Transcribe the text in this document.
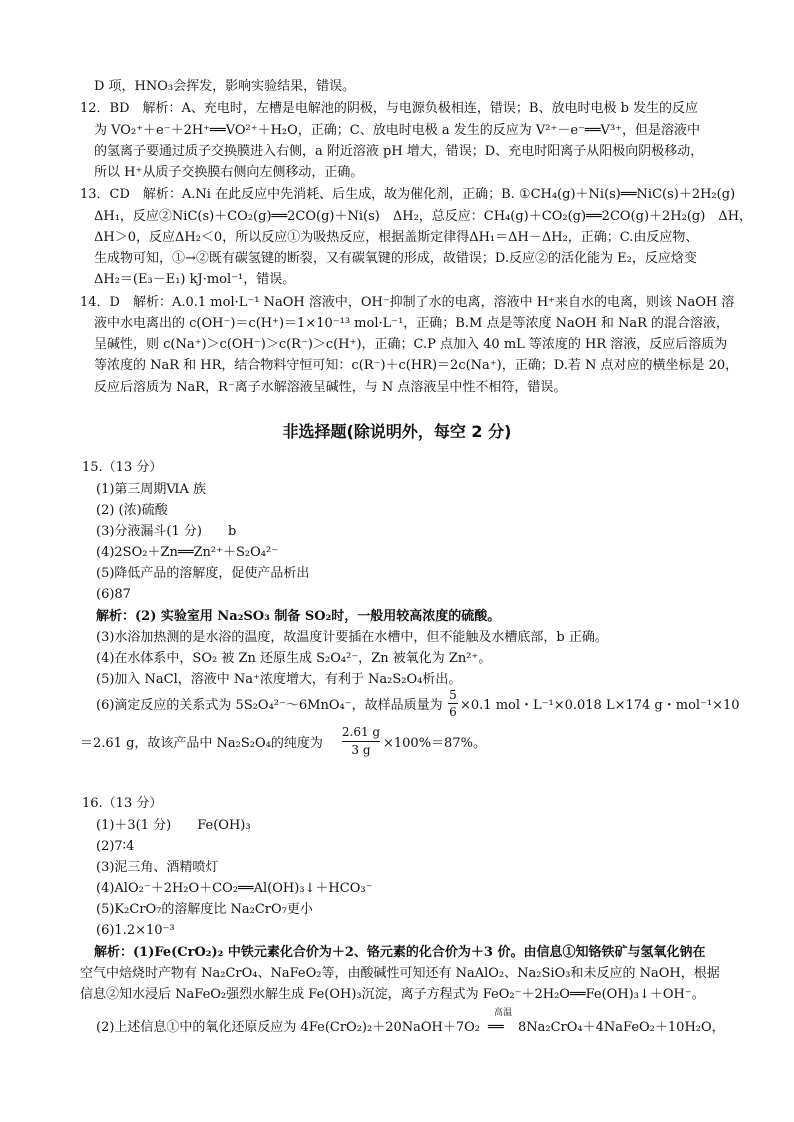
D 项，HNO₃会挥发，影响实验结果，错误。
12．BD　解析：A、充电时，左槽是电解池的阴极，与电源负极相连，错误；B、放电时电极 b 发生的反应
为 VO₂⁺＋e⁻＋2H⁺══VO²⁺＋H₂O，正确；C、放电时电极 a 发生的反应为 V²⁺－e⁻══V³⁺，但是溶液中
的氢离子要通过质子交换膜进入右侧，a 附近溶液 pH 增大，错误；D、充电时阳离子从阳极向阴极移动，
所以 H⁺从质子交换膜右侧向左侧移动，正确。
13．CD　解析：A.Ni 在此反应中先消耗、后生成，故为催化剂，正确；B. ①CH₄(g)＋Ni(s)══NiC(s)＋2H₂(g)
ΔH₁，反应②NiC(s)＋CO₂(g)══2CO(g)＋Ni(s)　ΔH₂，总反应：CH₄(g)＋CO₂(g)══2CO(g)＋2H₂(g)　ΔH，
ΔH＞0，反应ΔH₂＜0，所以反应①为吸热反应，根据盖斯定律得ΔH₁＝ΔH－ΔH₂，正确；C.由反应物、
生成物可知，①→②既有碳氢键的断裂，又有碳氧键的形成，故错误；D.反应②的活化能为 E₂，反应焓变
ΔH₂＝(E₃－E₁) kJ·mol⁻¹，错误。
14．D　解析：A.0.1 mol·L⁻¹ NaOH 溶液中，OH⁻抑制了水的电离，溶液中 H⁺来自水的电离，则该 NaOH 溶
液中水电离出的 c(OH⁻)＝c(H⁺)＝1×10⁻¹³ mol·L⁻¹，正确；B.M 点是等浓度 NaOH 和 NaR 的混合溶液，
呈碱性，则 c(Na⁺)＞c(OH⁻)＞c(R⁻)＞c(H⁺)，正确；C.P 点加入 40 mL 等浓度的 HR 溶液，反应后溶质为
等浓度的 NaR 和 HR，结合物料守恒可知：c(R⁻)＋c(HR)＝2c(Na⁺)，正确；D.若 N 点对应的横坐标是 20，
反应后溶质为 NaR，R⁻离子水解溶液呈碱性，与 N 点溶液呈中性不相符，错误。
非选择题(除说明外，每空 2 分)
15.（13 分）
(1)第三周期ⅥA 族
(2) (浓)硫酸
(3)分液漏斗(1 分)　　b
(4)2SO₂＋Zn══Zn²⁺＋S₂O₄²⁻
(5)降低产品的溶解度，促使产品析出
(6)87
解析：(2) 实验室用 Na₂SO₃ 制备 SO₂时，一般用较高浓度的硫酸。
(3)水浴加热测的是水浴的温度，故温度计要插在水槽中，但不能触及水槽底部，b 正确。
(4)在水体系中，SO₂ 被 Zn 还原生成 S₂O₄²⁻，Zn 被氧化为 Zn²⁺。
(5)加入 NaCl，溶液中 Na⁺浓度增大，有利于 Na₂S₂O₄析出。
(6)滴定反应的关系式为 5S₂O₄²⁻～6MnO₄⁻，故样品质量为
5
6 ×0.1 mol・L⁻¹×0.018 L×174 g・mol⁻¹×10
＝2.61 g，故该产品中 Na₂S₂O₄的纯度为
2.61 g
3 g ×100%＝87%。
16.（13 分）
(1)＋3(1 分)　　Fe(OH)₃
(2)7∶4
(3)泥三角、酒精喷灯
(4)AlO₂⁻＋2H₂O＋CO₂══Al(OH)₃↓＋HCO₃⁻
(5)K₂CrO₇的溶解度比 Na₂CrO₇更小
(6)1.2×10⁻³
解析：(1)Fe(CrO₂)₂ 中铁元素化合价为＋2、铬元素的化合价为＋3 价。由信息①知铬铁矿与氢氧化钠在
空气中焙烧时产物有 Na₂CrO₄、NaFeO₂等，由酸碱性可知还有 NaAlO₂、Na₂SiO₃和未反应的 NaOH，根据
信息②知水浸后 NaFeO₂强烈水解生成 Fe(OH)₃沉淀，离子方程式为 FeO₂⁻＋2H₂O══Fe(OH)₃↓＋OH⁻。
(2)上述信息①中的氧化还原反应为 4Fe(CrO₂)₂＋20NaOH＋7O₂
高温
══ 8Na₂CrO₄＋4NaFeO₂＋10H₂O，
